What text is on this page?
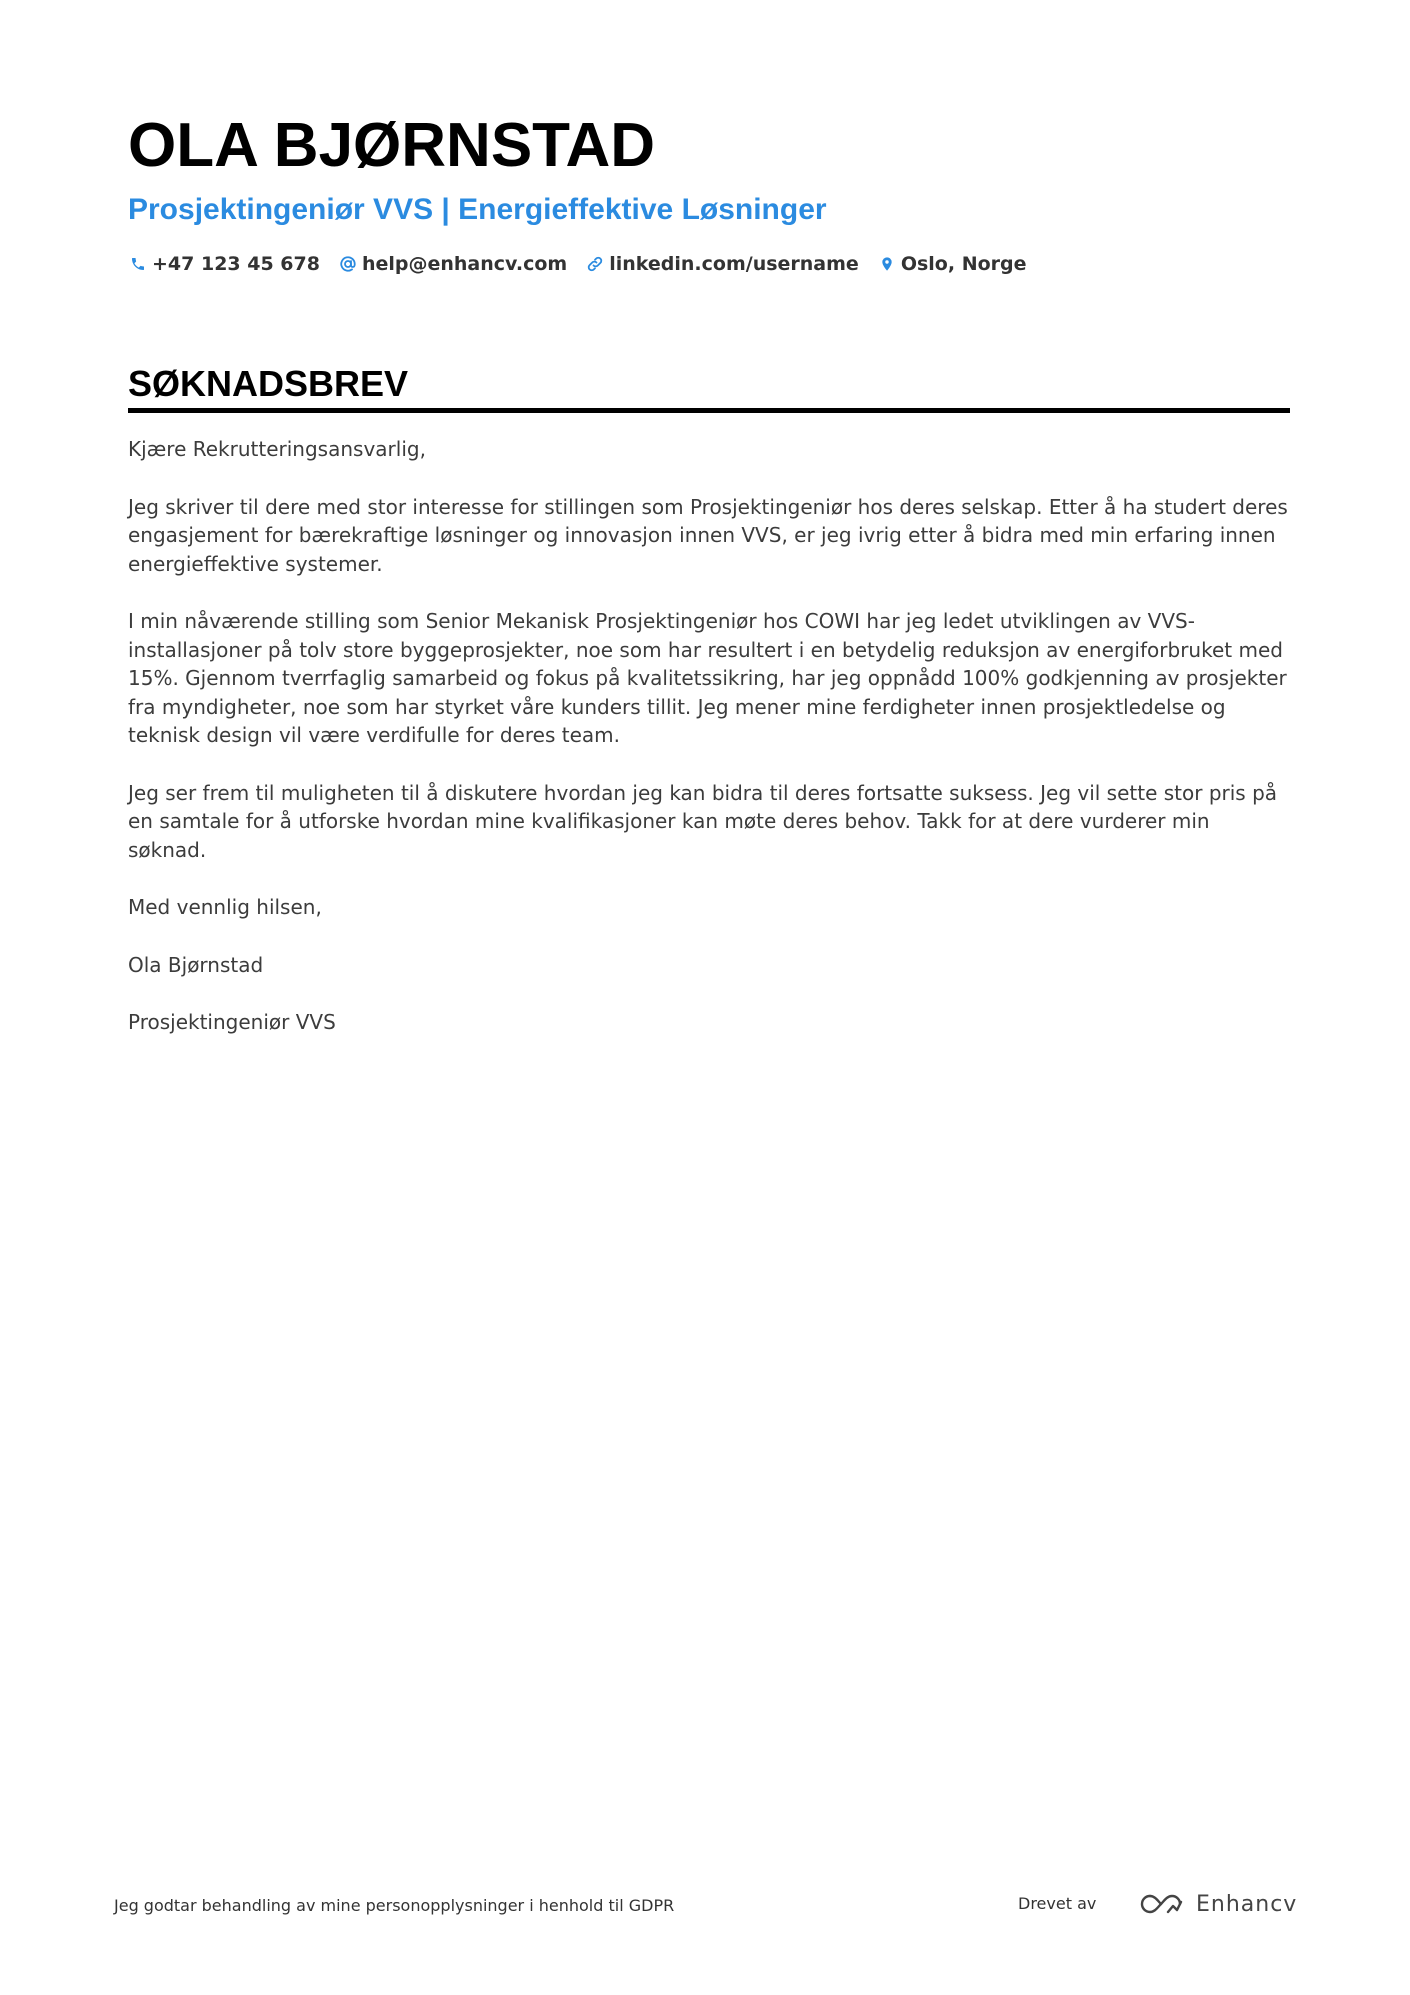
OLA BJØRNSTAD
Prosjektingeniør VVS | Energieffektive Løsninger
+47 123 45 678 help@enhancv.com linkedin.com/username Oslo, Norge
SØKNADSBREV

Kjære Rekrutteringsansvarlig,

Jeg skriver til dere med stor interesse for stillingen som Prosjektingeniør hos deres selskap. Etter å ha studert deres engasjement for bærekraftige løsninger og innovasjon innen VVS, er jeg ivrig etter å bidra med min erfaring innen energieffektive systemer.

I min nåværende stilling som Senior Mekanisk Prosjektingeniør hos COWI har jeg ledet utviklingen av VVS-installasjoner på tolv store byggeprosjekter, noe som har resultert i en betydelig reduksjon av energiforbruket med 15%. Gjennom tverrfaglig samarbeid og fokus på kvalitetssikring, har jeg oppnådd 100% godkjenning av prosjekter fra myndigheter, noe som har styrket våre kunders tillit. Jeg mener mine ferdigheter innen prosjektledelse og teknisk design vil være verdifulle for deres team.

Jeg ser frem til muligheten til å diskutere hvordan jeg kan bidra til deres fortsatte suksess. Jeg vil sette stor pris på en samtale for å utforske hvordan mine kvalifikasjoner kan møte deres behov. Takk for at dere vurderer min søknad.

Med vennlig hilsen,

Ola Bjørnstad

Prosjektingeniør VVS

Jeg godtar behandling av mine personopplysninger i henhold til GDPR	Drevet av	Enhancv
